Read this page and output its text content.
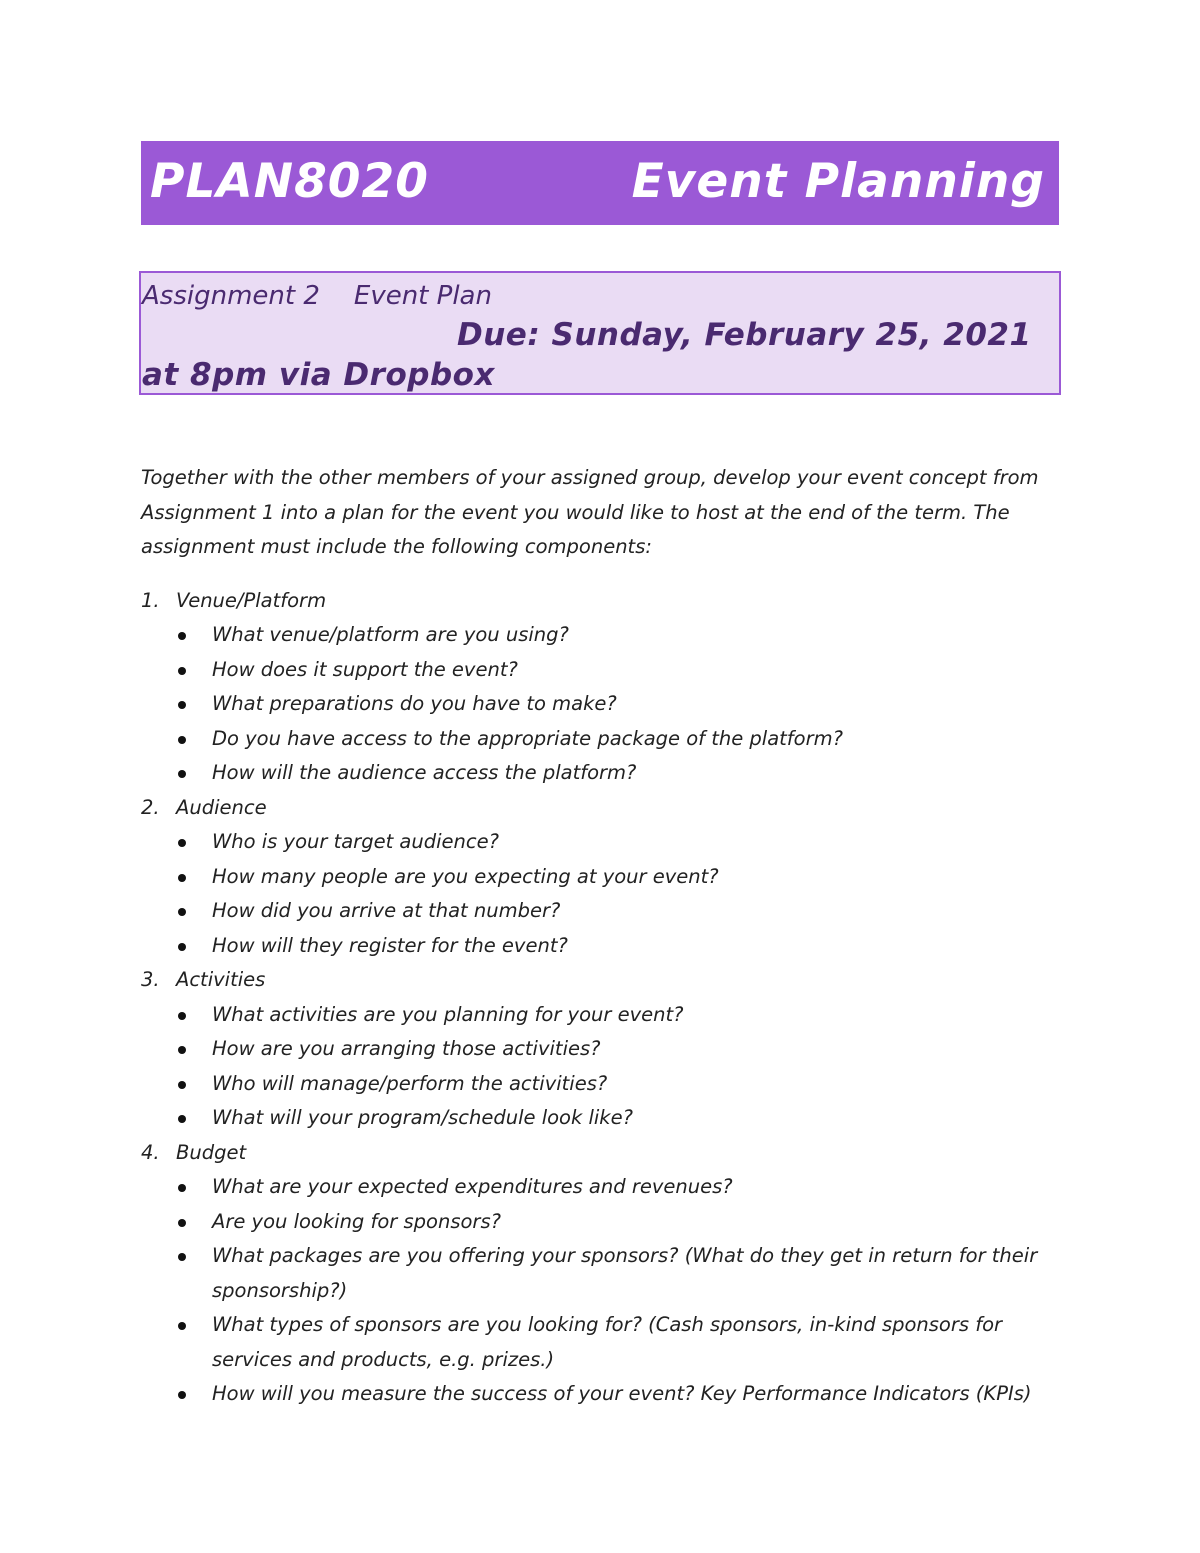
PLAN8020	Event Planning
Assignment 2 Event Plan
Due: Sunday, February 25, 2021
at 8pm via Dropbox

Together with the other members of your assigned group, develop your event concept from Assignment 1 into a plan for the event you would like to host at the end of the term. The assignment must include the following components:

1. Venue/Platform
What venue/platform are you using?
How does it support the event?
What preparations do you have to make?
Do you have access to the appropriate package of the platform?
How will the audience access the platform?
2. Audience
Who is your target audience?
How many people are you expecting at your event?
How did you arrive at that number?
How will they register for the event?
3. Activities
What activities are you planning for your event?
How are you arranging those activities?
Who will manage/perform the activities?
What will your program/schedule look like?
4. Budget
What are your expected expenditures and revenues?
Are you looking for sponsors?
What packages are you offering your sponsors? (What do they get in return for their sponsorship?)
What types of sponsors are you looking for? (Cash sponsors, in-kind sponsors for services and products, e.g. prizes.)
How will you measure the success of your event? Key Performance Indicators (KPIs)
